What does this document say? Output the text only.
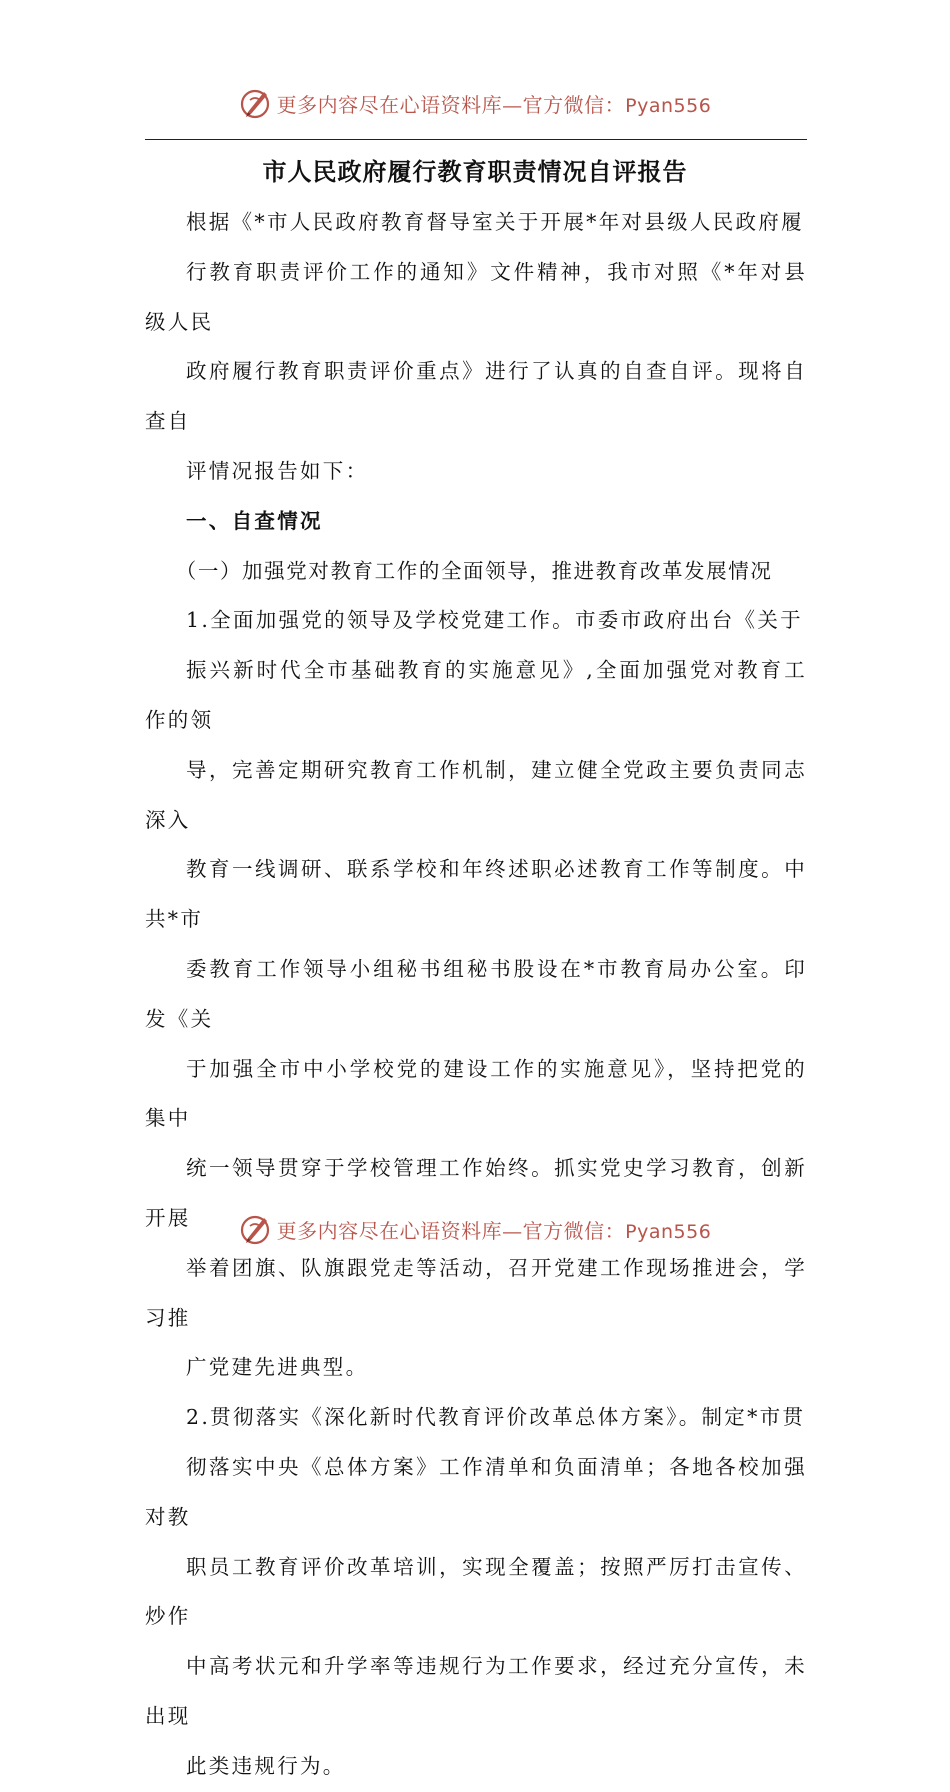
更多内容尽在心语资料库—官方微信：Pyan556
市人民政府履行教育职责情况自评报告

根据《*市人民政府教育督导室关于开展*年对县级人民政府履
行教育职责评价工作的通知》文件精神，我市对照《*年对县级人民
政府履行教育职责评价重点》进行了认真的自查自评。现将自查自
评情况报告如下：

一、自查情况

（一）加强党对教育工作的全面领导，推进教育改革发展情况

1.全面加强党的领导及学校党建工作。市委市政府出台《关于
振兴新时代全市基础教育的实施意见》,全面加强党对教育工作的领
导，完善定期研究教育工作机制，建立健全党政主要负责同志深入
教育一线调研、联系学校和年终述职必述教育工作等制度。中共*市
委教育工作领导小组秘书组秘书股设在*市教育局办公室。印发《关
于加强全市中小学校党的建设工作的实施意见》，坚持把党的集中
统一领导贯穿于学校管理工作始终。抓实党史学习教育，创新开展
举着团旗、队旗跟党走等活动，召开党建工作现场推进会，学习推
广党建先进典型。

2.贯彻落实《深化新时代教育评价改革总体方案》。制定*市贯
彻落实中央《总体方案》工作清单和负面清单；各地各校加强对教
职员工教育评价改革培训，实现全覆盖；按照严厉打击宣传、炒作
中高考状元和升学率等违规行为工作要求，经过充分宣传，未出现
此类违规行为。

更多内容尽在心语资料库—官方微信：Pyan556
